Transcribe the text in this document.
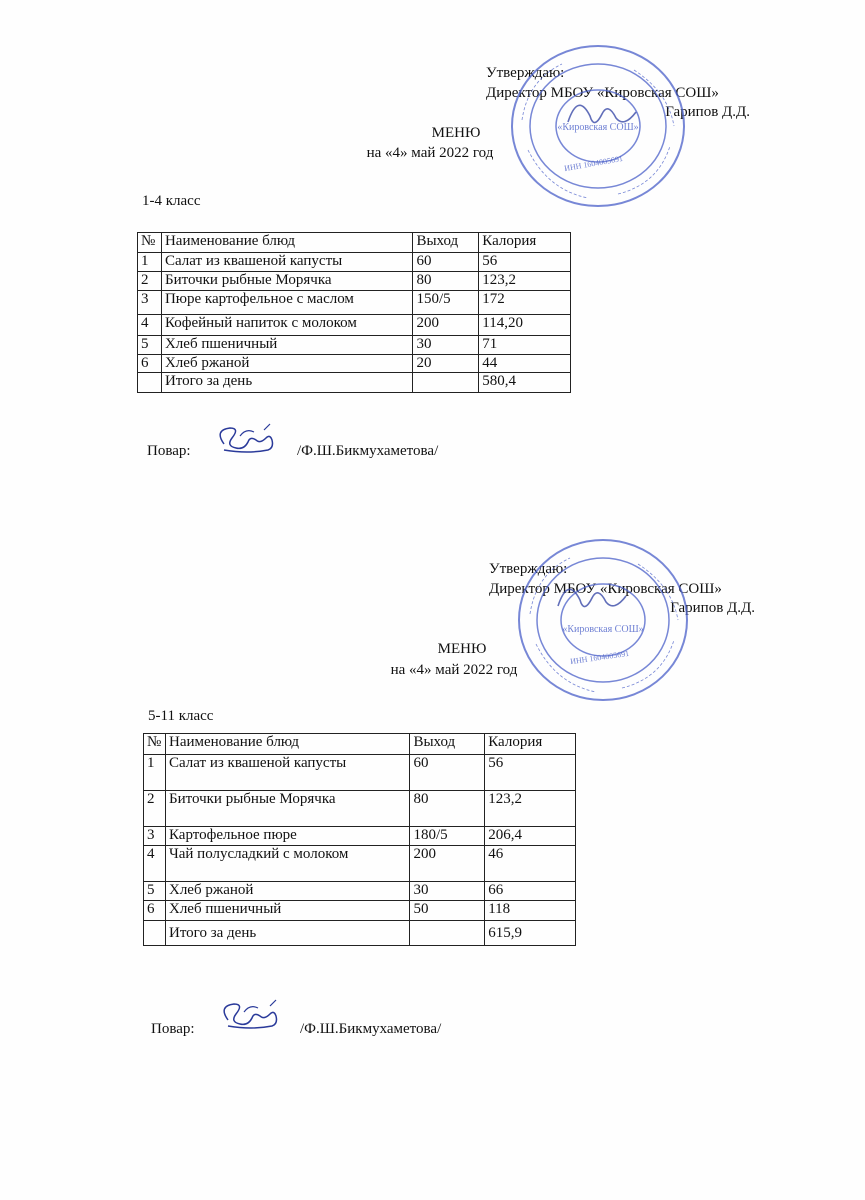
Утверждаю:
Директор МБОУ «Кировская СОШ»
Гарипов Д.Д.
МЕНЮ
на «4» май 2022 год
1-4 класс
№	Наименование блюд	Выход	Калория
1	Салат из квашеной капусты	60	56
2	Биточки рыбные Морячка	80	123,2
3	Пюре картофельное с маслом	150/5	172
4	Кофейный напиток с молоком	200	114,20
5	Хлеб пшеничный	30	71
6	Хлеб ржаной	20	44
	Итого за день		580,4
Повар:	/Ф.Ш.Бикмухаметова/
Утверждаю:
Директор МБОУ «Кировская СОШ»
Гарипов Д.Д.
МЕНЮ
на «4» май 2022 год
5-11 класс
№	Наименование блюд	Выход	Калория
1	Салат из квашеной капусты	60	56
2	Биточки рыбные Морячка	80	123,2
3	Картофельное пюре	180/5	206,4
4	Чай полусладкий с молоком	200	46
5	Хлеб ржаной	30	66
6	Хлеб пшеничный	50	118
	Итого за день		615,9
Повар:	/Ф.Ш.Бикмухаметова/
«Кировская СОШ»
ИНН 1604005691
«Кировская СОШ»
ИНН 1604005691
